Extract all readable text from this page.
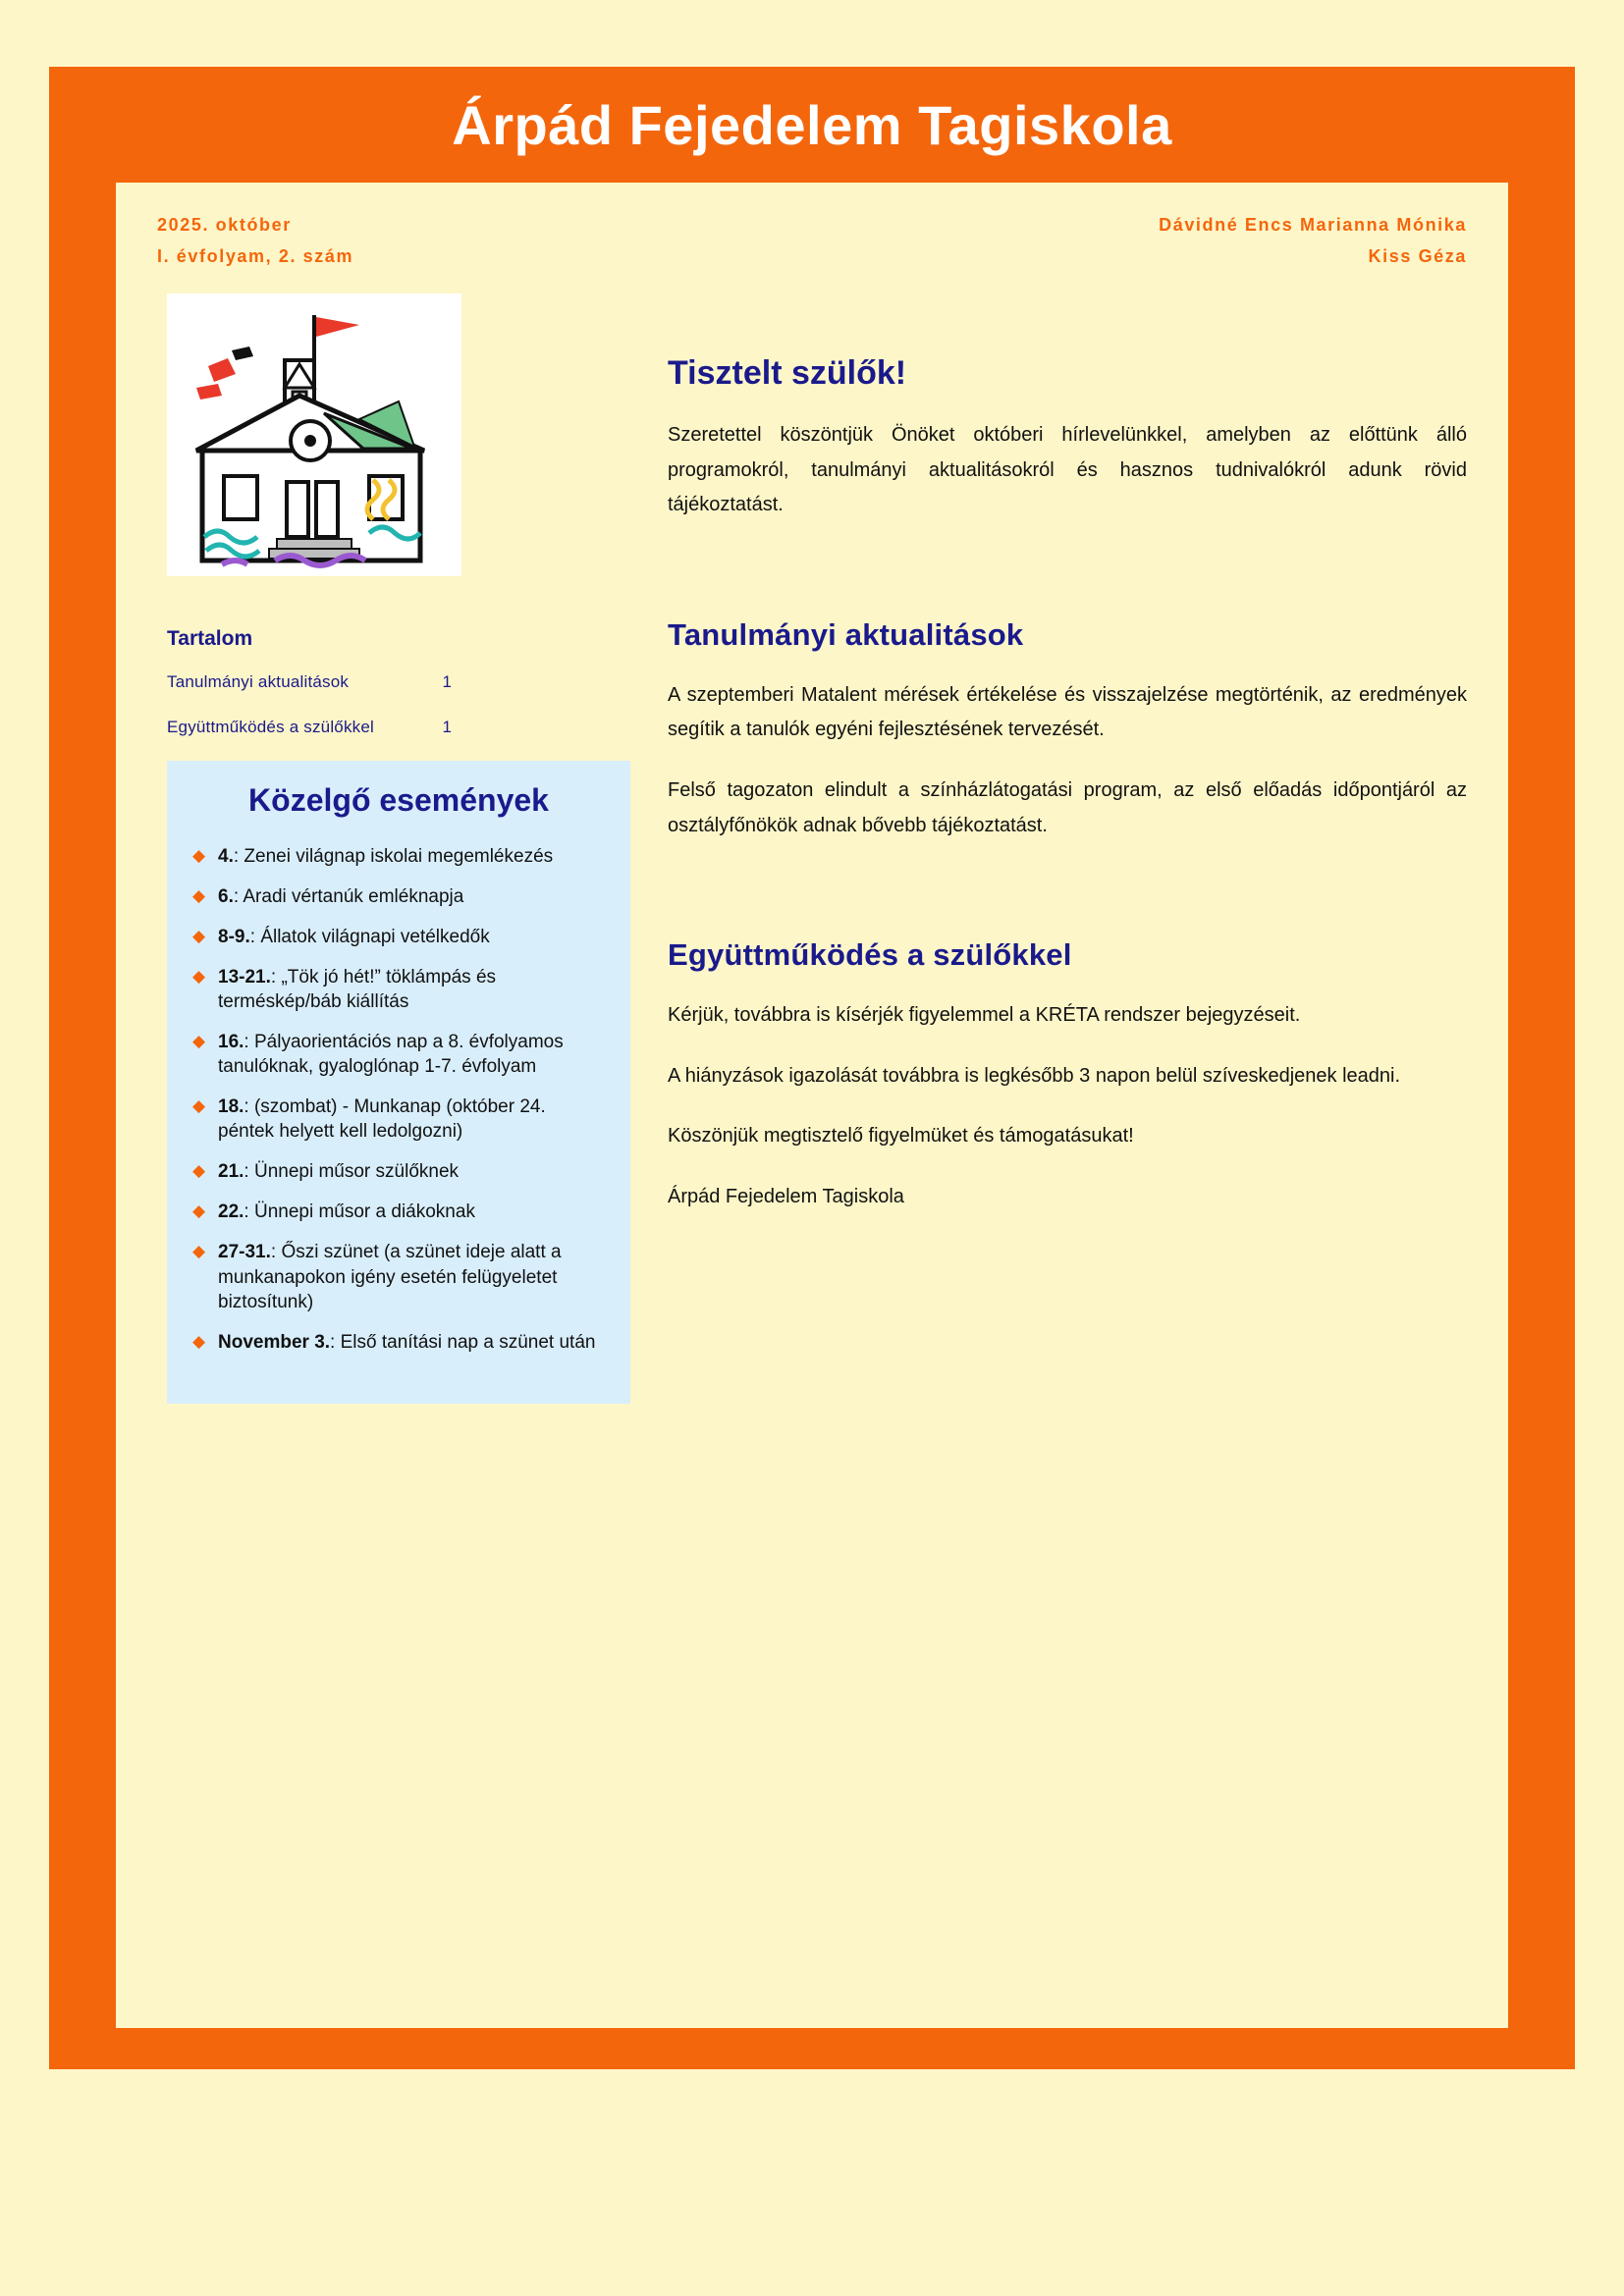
Árpád Fejedelem Tagiskola
2025. október
I. évfolyam, 2. szám
Dávidné Encs Marianna Mónika
Kiss Géza
Tartalom
Tanulmányi aktualitások	1
Együttműködés a szülőkkel	1
Közelgő események
◆ 4.: Zenei világnap iskolai megemlékezés
◆ 6.: Aradi vértanúk emléknapja
◆ 8-9.: Állatok világnapi vetélkedők
◆ 13-21.: „Tök jó hét!” töklámpás és terméskép/báb kiállítás
◆ 16.: Pályaorientációs nap a 8. évfolyamos tanulóknak, gyaloglónap 1-7. évfolyam
◆ 18.: (szombat) - Munkanap (október 24. péntek helyett kell ledolgozni)
◆ 21.: Ünnepi műsor szülőknek
◆ 22.: Ünnepi műsor a diákoknak
◆ 27-31.: Őszi szünet (a szünet ideje alatt a munkanapokon igény esetén felügyeletet biztosítunk)
◆ November 3.: Első tanítási nap a szünet után
Tisztelt szülők!
Szeretettel köszöntjük Önöket októberi hírlevelünkkel, amelyben az előttünk álló programokról, tanulmányi aktualitásokról és hasznos tudnivalókról adunk rövid tájékoztatást.
Tanulmányi aktualitások
A szeptemberi Matalent mérések értékelése és visszajelzése megtörténik, az eredmények segítik a tanulók egyéni fejlesztésének tervezését.
Felső tagozaton elindult a színházlátogatási program, az első előadás időpontjáról az osztályfőnökök adnak bővebb tájékoztatást.
Együttműködés a szülőkkel
Kérjük, továbbra is kísérjék figyelemmel a KRÉTA rendszer bejegyzéseit.
A hiányzások igazolását továbbra is legkésőbb 3 napon belül szíveskedjenek leadni.
Köszönjük megtisztelő figyelmüket és támogatásukat!
Árpád Fejedelem Tagiskola
